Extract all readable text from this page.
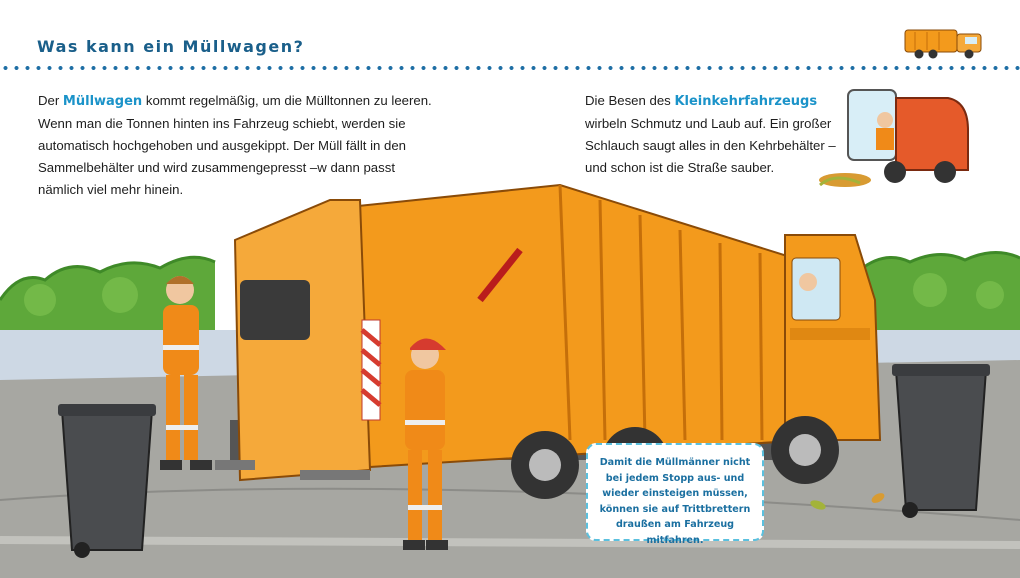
Was kann ein Müllwagen?
Der Müllwagen kommt regelmäßig, um die Mülltonnen zu leeren. Wenn man die Tonnen hinten ins Fahrzeug schiebt, werden sie automatisch hochgehoben und ausgekippt. Der Müll fällt in den Sammelbehälter und wird zusammengepresst –w dann passt nämlich viel mehr hinein.
Die Besen des Kleinkehrfahrzeugs wirbeln Schmutz und Laub auf. Ein großer Schlauch saugt alles in den Kehrbehälter – und schon ist die Straße sauber.
Damit die Müllmänner nicht bei jedem Stopp aus- und wieder einsteigen müssen, können sie auf Trittbrettern draußen am Fahrzeug mitfahren.
